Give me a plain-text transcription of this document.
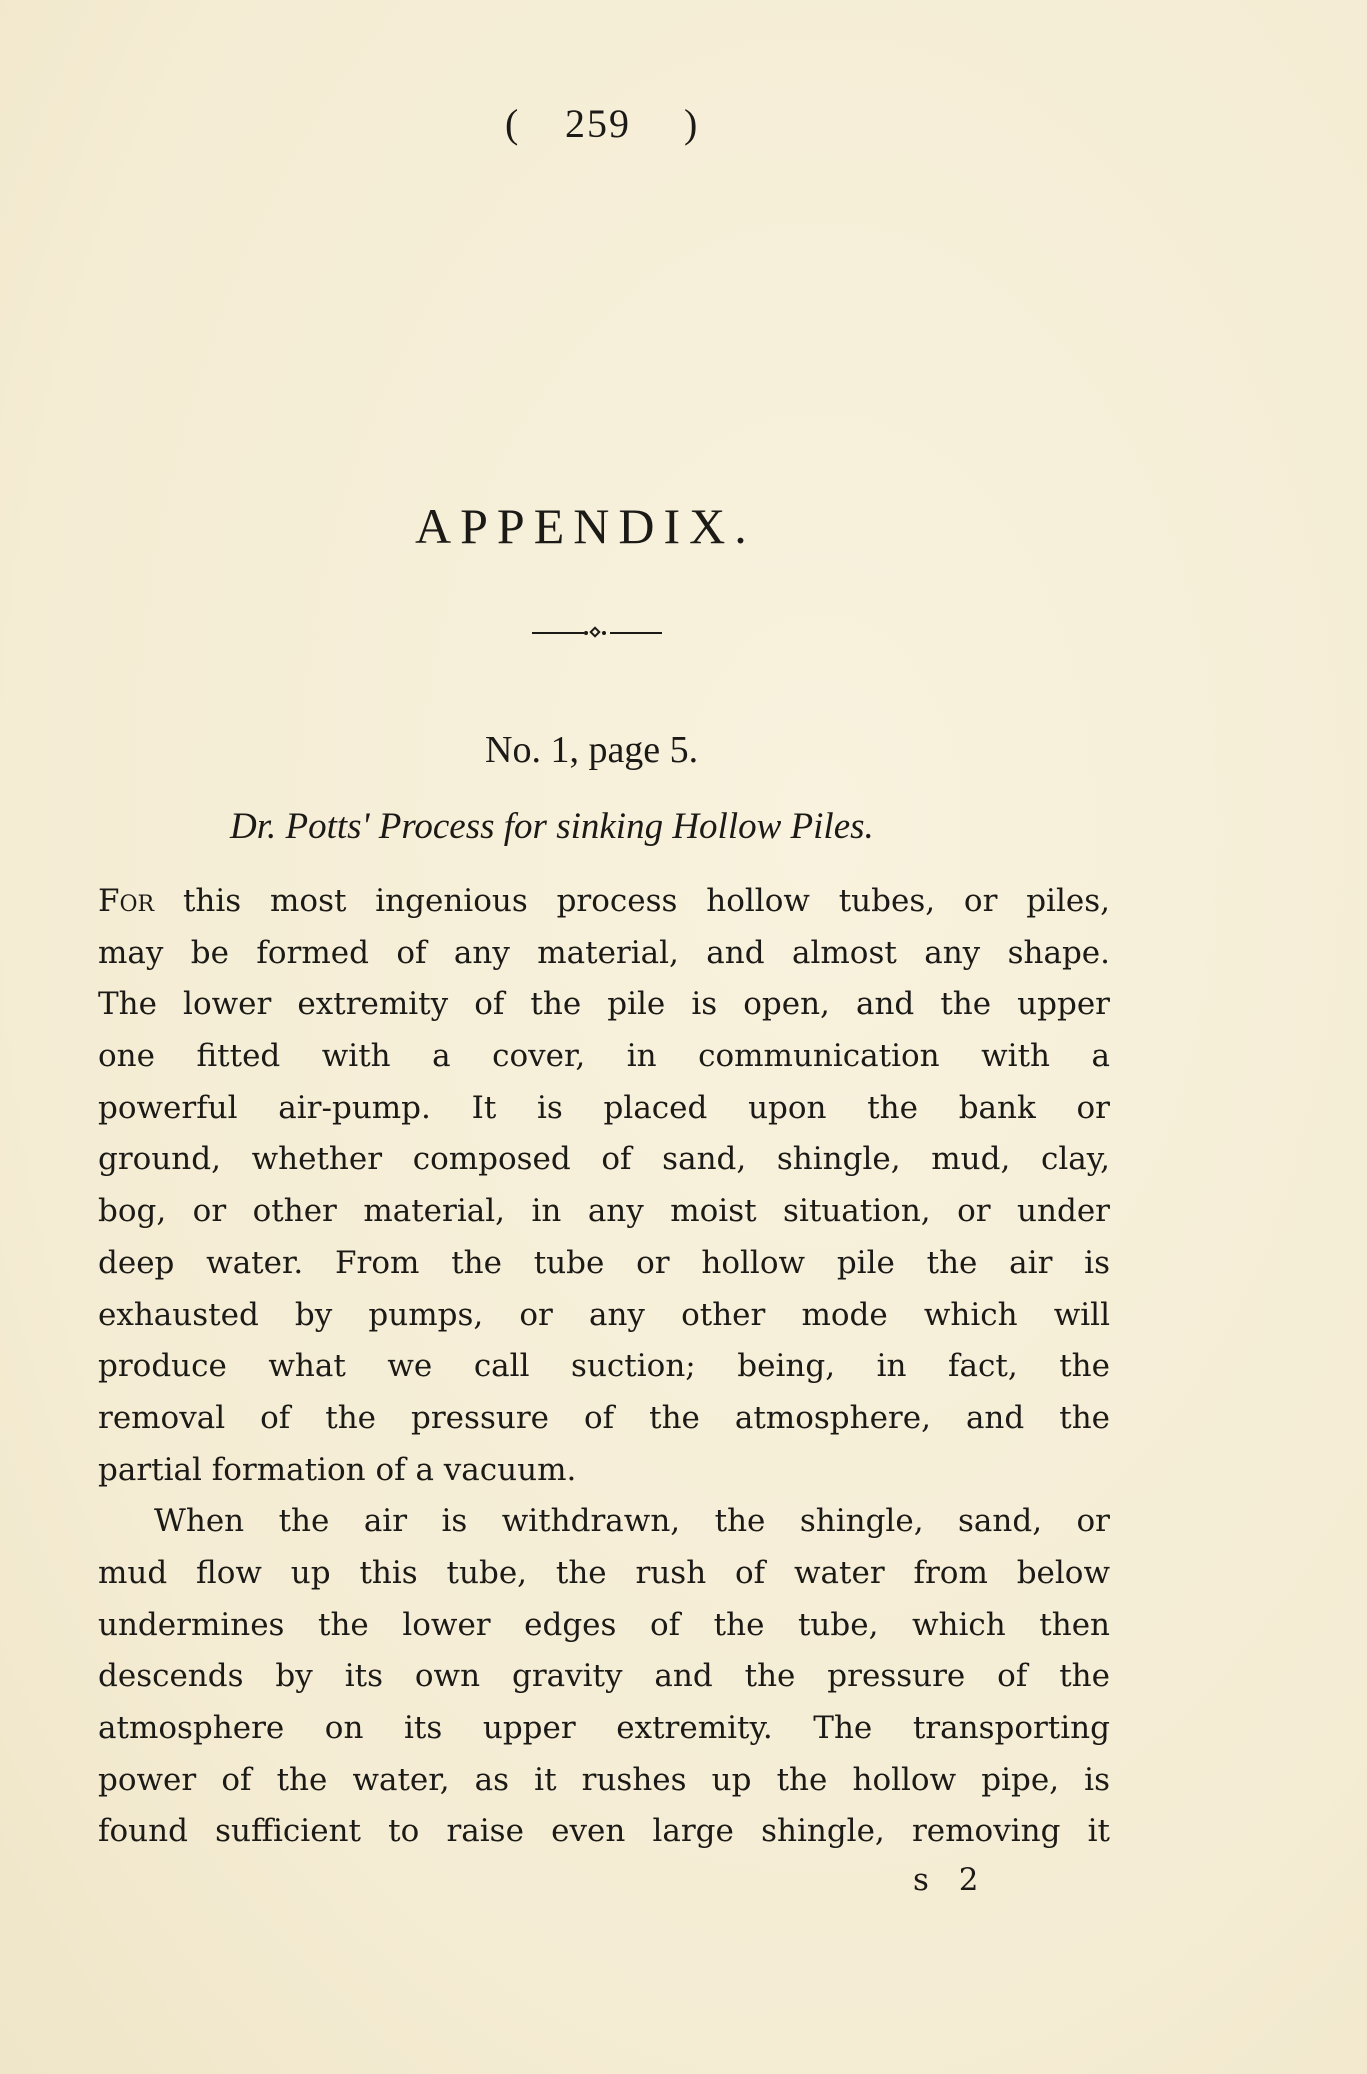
( 259 )
APPENDIX.
No. 1, page 5.
Dr. Potts' Process for sinking Hollow Piles.
For this most ingenious process hollow tubes, or piles,
may be formed of any material, and almost any shape.
The lower extremity of the pile is open, and the upper
one fitted with a cover, in communication with a
powerful air-pump. It is placed upon the bank or
ground, whether composed of sand, shingle, mud, clay,
bog, or other material, in any moist situation, or under
deep water. From the tube or hollow pile the air is
exhausted by pumps, or any other mode which will
produce what we call suction; being, in fact, the
removal of the pressure of the atmosphere, and the
partial formation of a vacuum.
When the air is withdrawn, the shingle, sand, or
mud flow up this tube, the rush of water from below
undermines the lower edges of the tube, which then
descends by its own gravity and the pressure of the
atmosphere on its upper extremity. The transporting
power of the water, as it rushes up the hollow pipe, is
found sufficient to raise even large shingle, removing it
s 2
